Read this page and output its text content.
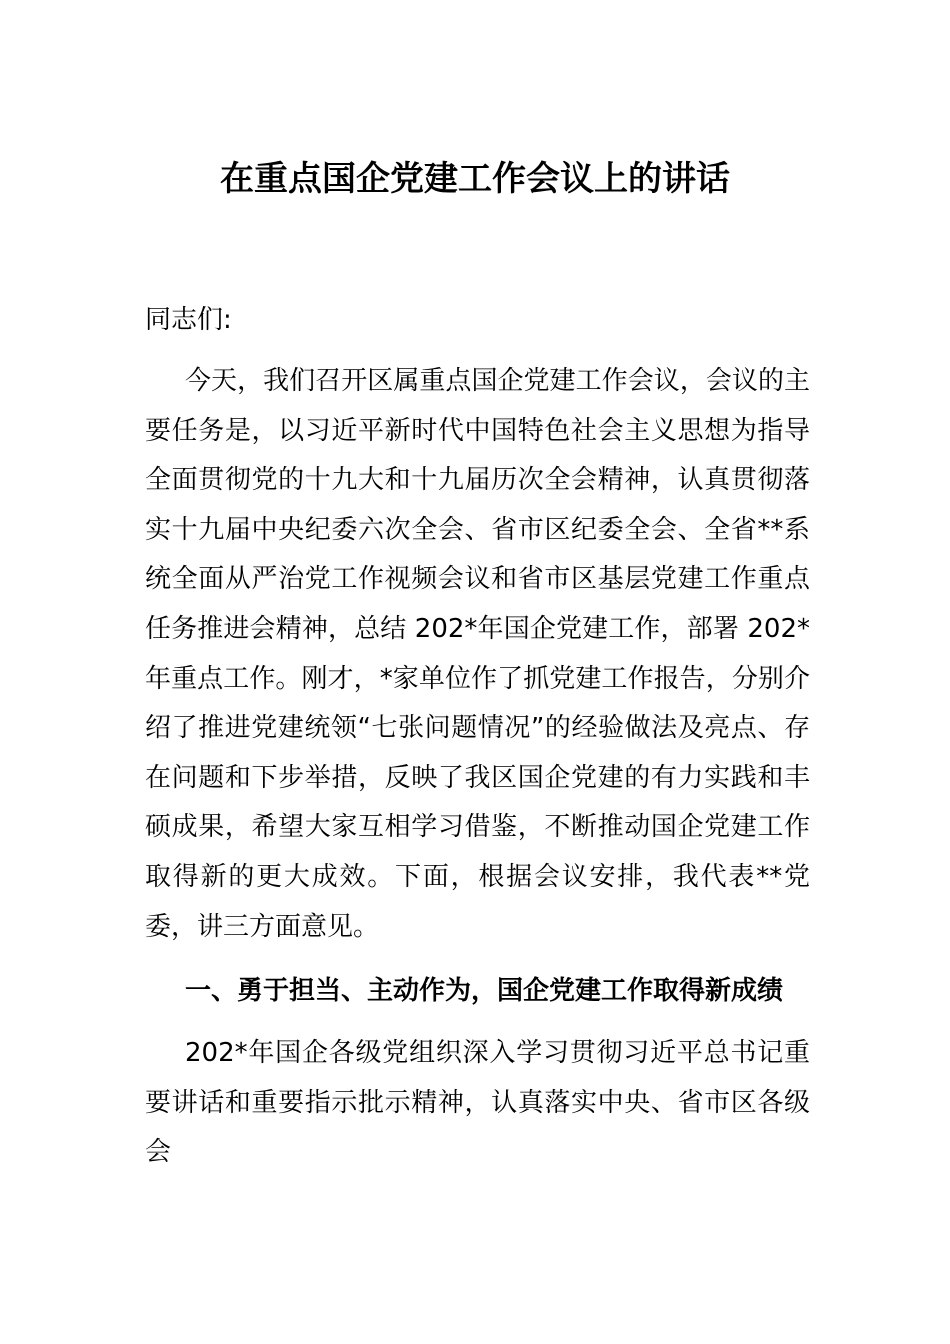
在重点国企党建工作会议上的讲话
同志们:
今天，我们召开区属重点国企党建工作会议，会议的主要任务是，以习近平新时代中国特色社会主义思想为指导全面贯彻党的十九大和十九届历次全会精神，认真贯彻落实十九届中央纪委六次全会、省市区纪委全会、全省**系统全面从严治党工作视频会议和省市区基层党建工作重点任务推进会精神，总结 202*年国企党建工作，部署 202*年重点工作。刚才，*家单位作了抓党建工作报告，分别介绍了推进党建统领“七张问题情况”的经验做法及亮点、存在问题和下步举措，反映了我区国企党建的有力实践和丰硕成果，希望大家互相学习借鉴，不断推动国企党建工作取得新的更大成效。下面，根据会议安排，我代表**党委，讲三方面意见。
一、勇于担当、主动作为，国企党建工作取得新成绩
202*年国企各级党组织深入学习贯彻习近平总书记重要讲话和重要指示批示精神，认真落实中央、省市区各级会
